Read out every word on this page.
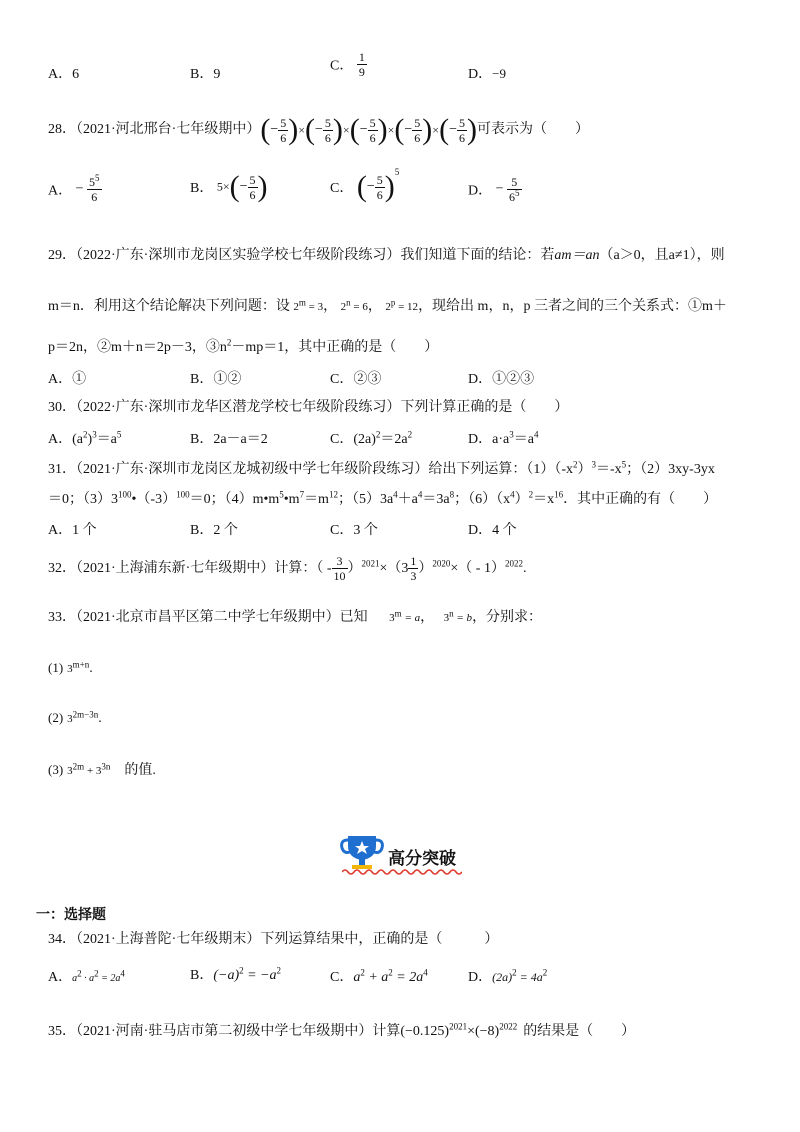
A．6	B．9
C． $\frac{1}{9}$	D．−9
28．（2021·河北邢台·七年级期中）(− $\frac{5}{6}$ )×(− $\frac{5}{6}$ )×(− $\frac{5}{6}$ )×(− $\frac{5}{6}$ )×(− $\frac{5}{6}$ )可表示为（　　）
A． − $\frac{5^5}{6}$	B． $5\times(- \frac{5}{6}$ )	C． (− $\frac{5}{6} )^5$
D． − $\frac{5}{6^5}$
29．（2022·广东·深圳市龙岗区实验学校七年级阶段练习）我们知道下面的结论：若am＝an（a＞0，且a≠1），则
m＝n．利用这个结论解决下列问题：设 $2^m = 3$， $2^n = 6$， $2^p = 12$，现给出 m，n，p 三者之间的三个关系式：①m＋
p＝2n，②m＋n＝2p－3，$③n^2-mp=1$，其中正确的是（　　）
A．①	B．①②	C．②③	D．①②③
30．（2022·广东·深圳市龙华区潜龙学校七年级阶段练习）下列计算正确的是（　　）
A．$(a^2)^3=a^5$	B．2a－a＝2	C．$(2a)^2=2a^2$	D．$a\cdot a^3=a^4$
31．（2021·广东·深圳市龙岗区龙城初级中学七年级阶段练习）给出下列运算：$(1)(-x^2)^3=-x^5$；（2）3xy-3yx
＝0；$(3)3^{100}•(-3)^{100}=0$；$(4)m•m^5•m^7=m^{12}$；$(5)3a^4+a^4=3a^8$；$(6)(x^4)^2=x^{16}$．其中正确的有（　　）
A．1 个	B．2 个	C．3 个	D．4 个
32．（2021·上海浦东新·七年级期中）计算：（ - $\frac{3}{10} )^{2021}\times(3 \frac{1}{3} )^{2020}\times( - 1)^{2022}$.
33．（2021·北京市昌平区第二中学七年级期中）已知 $3^m = a$， $3^n = b$，分别求：
(1) $3^{m+n}$.
(2) $3^{2m-3n}$.
(3) $3^{2m} + 3^{3n}$　的值.
高分突破
一：选择题
34．（2021·上海普陀·七年级期末）下列运算结果中，正确的是（　　　）
A．$a^2 \cdot a^2 = 2a^4$	B．$(-a)^2 = -a^2$	C．$a^2 + a^2 = 2a^4$	D．$(2a)^2 = 4a^2$
35．（2021·河南·驻马店市第二初级中学七年级期中）计算$(-0.125)^{2021}\times(-8)^{2022}$ 的结果是（　　）
